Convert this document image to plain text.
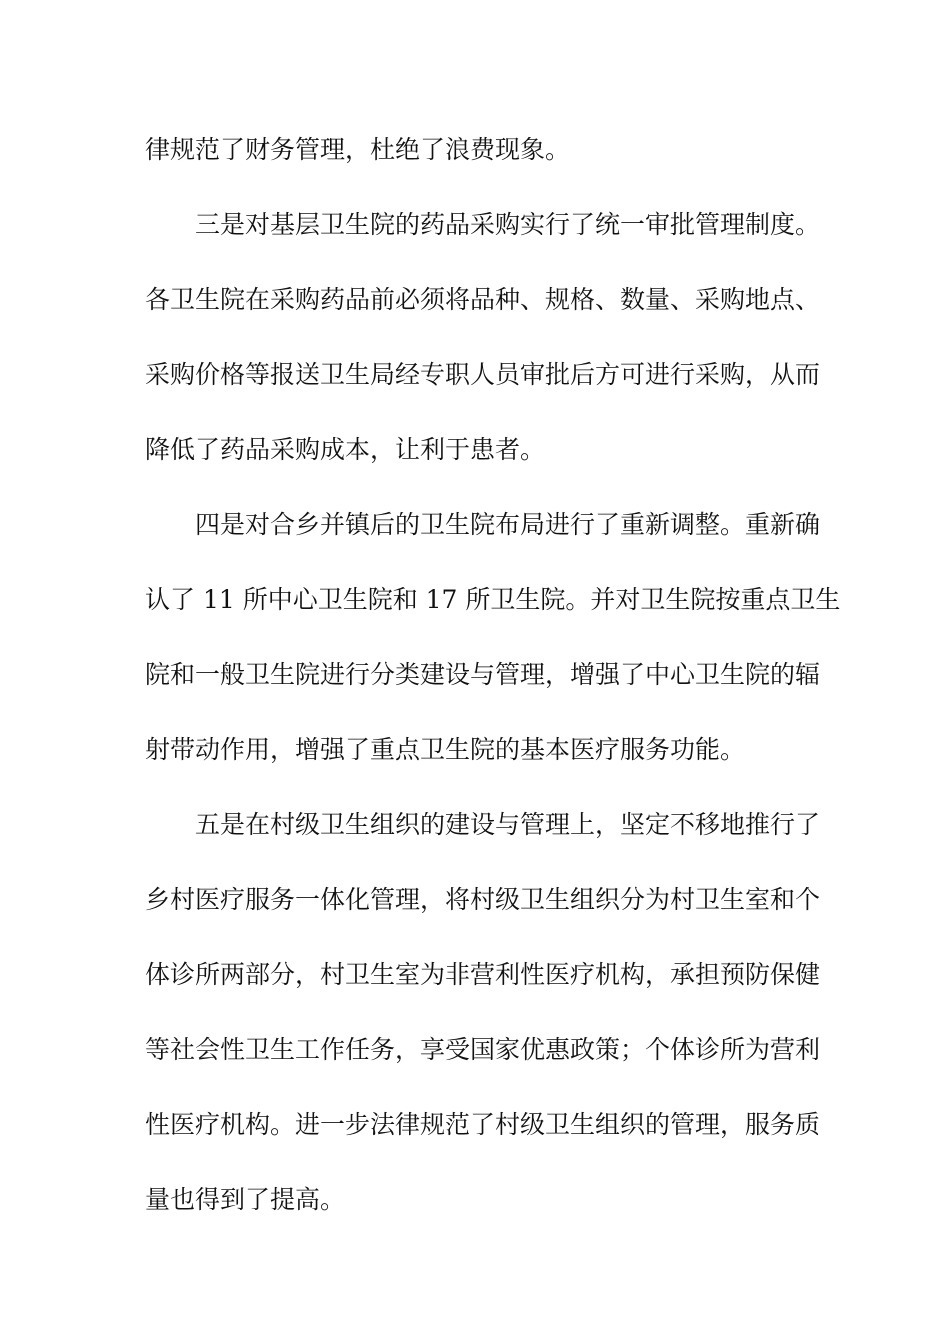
律规范了财务管理，杜绝了浪费现象。
三是对基层卫生院的药品采购实行了统一审批管理制度。
各卫生院在采购药品前必须将品种、规格、数量、采购地点、
采购价格等报送卫生局经专职人员审批后方可进行采购，从而
降低了药品采购成本，让利于患者。
四是对合乡并镇后的卫生院布局进行了重新调整。重新确
认了 11 所中心卫生院和 17 所卫生院。并对卫生院按重点卫生
院和一般卫生院进行分类建设与管理，增强了中心卫生院的辐
射带动作用，增强了重点卫生院的基本医疗服务功能。
五是在村级卫生组织的建设与管理上，坚定不移地推行了
乡村医疗服务一体化管理，将村级卫生组织分为村卫生室和个
体诊所两部分，村卫生室为非营利性医疗机构，承担预防保健
等社会性卫生工作任务，享受国家优惠政策；个体诊所为营利
性医疗机构。进一步法律规范了村级卫生组织的管理，服务质
量也得到了提高。
